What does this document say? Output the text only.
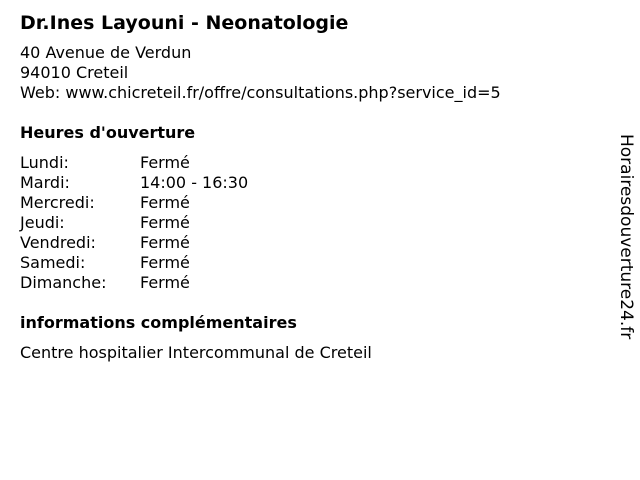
Dr.Ines Layouni - Neonatologie
40 Avenue de Verdun
94010 Creteil
Web: www.chicreteil.fr/offre/consultations.php?service_id=5
Heures d'ouverture
Lundi:	Fermé
Mardi:	14:00 - 16:30
Mercredi:	Fermé
Jeudi:	Fermé
Vendredi:	Fermé
Samedi:	Fermé
Dimanche:	Fermé
informations complémentaires
Centre hospitalier Intercommunal de Creteil
Horairesdouverture24.fr
